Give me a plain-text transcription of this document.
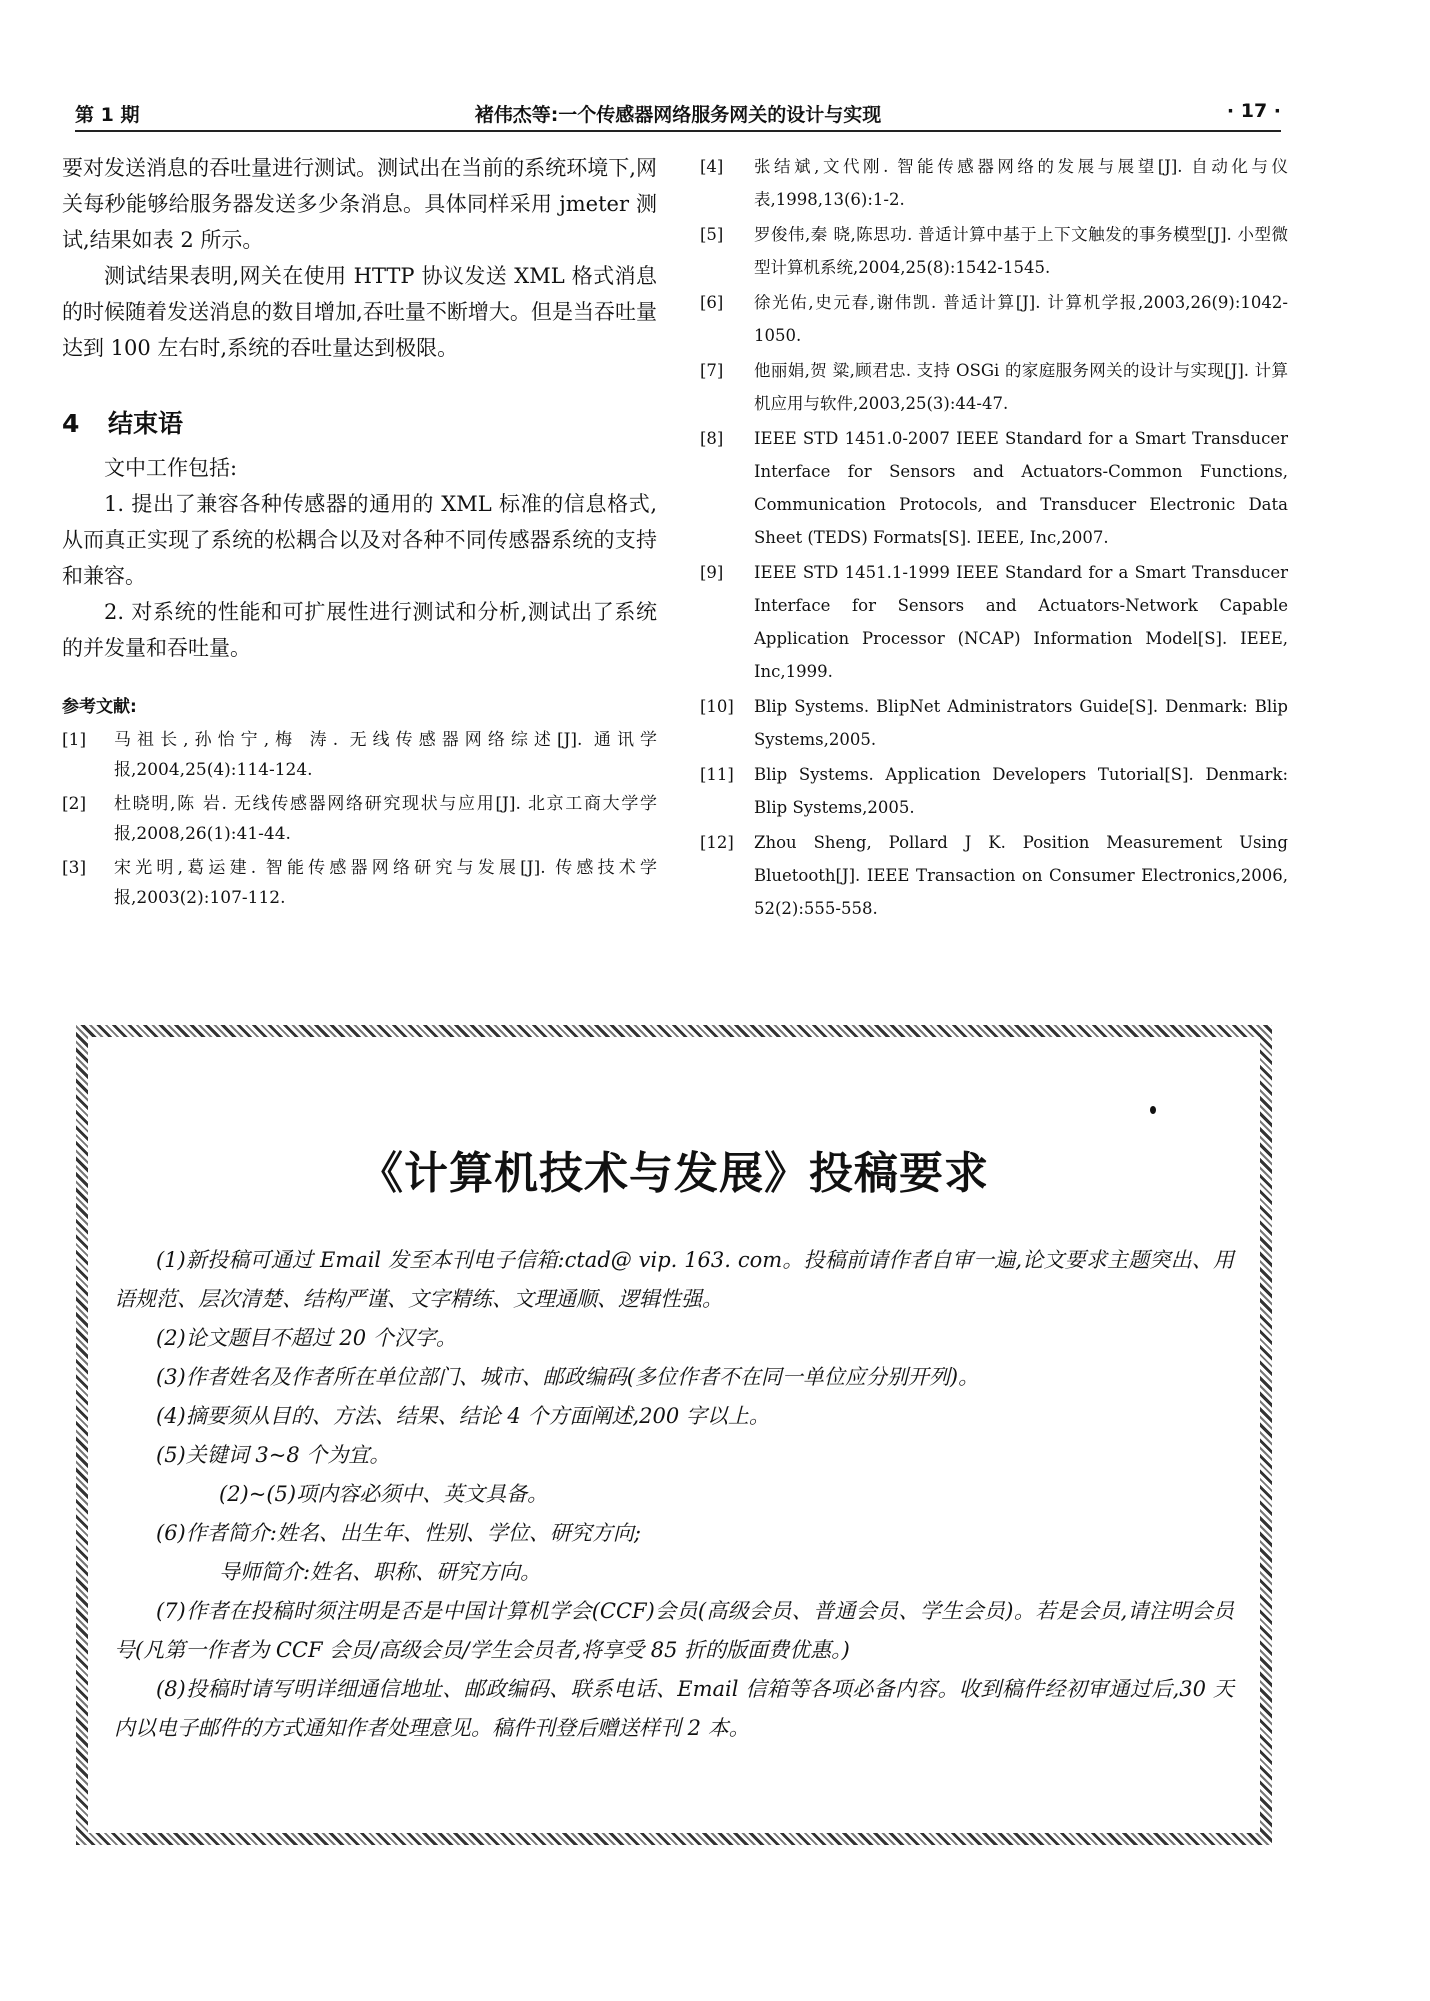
第 1 期	褚伟杰等:一个传感器网络服务网关的设计与实现	· 17 ·

要对发送消息的吞吐量进行测试。测试出在当前的系统环境下,网关每秒能够给服务器发送多少条消息。具体同样采用 jmeter 测试,结果如表 2 所示。

测试结果表明,网关在使用 HTTP 协议发送 XML 格式消息的时候随着发送消息的数目增加,吞吐量不断增大。但是当吞吐量达到 100 左右时,系统的吞吐量达到极限。

4 结束语

文中工作包括:

1. 提出了兼容各种传感器的通用的 XML 标准的信息格式,从而真正实现了系统的松耦合以及对各种不同传感器系统的支持和兼容。

2. 对系统的性能和可扩展性进行测试和分析,测试出了系统的并发量和吞吐量。

参考文献:
[1]	马祖长,孙怡宁,梅 涛. 无线传感器网络综述[J]. 通讯学报,2004,25(4):114-124.
[2]	杜晓明,陈 岩. 无线传感器网络研究现状与应用[J]. 北京工商大学学报,2008,26(1):41-44.
[3]	宋光明,葛运建. 智能传感器网络研究与发展[J]. 传感技术学报,2003(2):107-112.
[4]	张结斌,文代刚. 智能传感器网络的发展与展望[J]. 自动化与仪表,1998,13(6):1-2.
[5]	罗俊伟,秦 晓,陈思功. 普适计算中基于上下文触发的事务模型[J]. 小型微型计算机系统,2004,25(8):1542-1545.
[6]	徐光佑,史元春,谢伟凯. 普适计算[J]. 计算机学报,2003,26(9):1042-1050.
[7]	他丽娟,贺 粱,顾君忠. 支持 OSGi 的家庭服务网关的设计与实现[J]. 计算机应用与软件,2003,25(3):44-47.
[8]	IEEE STD 1451.0-2007 IEEE Standard for a Smart Transducer Interface for Sensors and Actuators-Common Functions, Communication Protocols, and Transducer Electronic Data Sheet (TEDS) Formats[S]. IEEE, Inc,2007.
[9]	IEEE STD 1451.1-1999 IEEE Standard for a Smart Transducer Interface for Sensors and Actuators-Network Capable Application Processor (NCAP) Information Model[S]. IEEE, Inc,1999.
[10]	Blip Systems. BlipNet Administrators Guide[S]. Denmark: Blip Systems,2005.
[11]	Blip Systems. Application Developers Tutorial[S]. Denmark: Blip Systems,2005.
[12]	Zhou Sheng, Pollard J K. Position Measurement Using Bluetooth[J]. IEEE Transaction on Consumer Electronics,2006, 52(2):555-558.
《计算机技术与发展》投稿要求

(1)新投稿可通过 Email 发至本刊电子信箱:ctad@ vip. 163. com。投稿前请作者自审一遍,论文要求主题突出、用语规范、层次清楚、结构严谨、文字精练、文理通顺、逻辑性强。

(2)论文题目不超过 20 个汉字。

(3)作者姓名及作者所在单位部门、城市、邮政编码(多位作者不在同一单位应分别开列)。

(4)摘要须从目的、方法、结果、结论 4 个方面阐述,200 字以上。

(5)关键词 3~8 个为宜。

(2)~(5)项内容必须中、英文具备。

(6)作者简介:姓名、出生年、性别、学位、研究方向;

导师简介:姓名、职称、研究方向。

(7)作者在投稿时须注明是否是中国计算机学会(CCF)会员(高级会员、普通会员、学生会员)。若是会员,请注明会员号(凡第一作者为 CCF 会员/高级会员/学生会员者,将享受 85 折的版面费优惠。)

(8)投稿时请写明详细通信地址、邮政编码、联系电话、Email 信箱等各项必备内容。收到稿件经初审通过后,30 天内以电子邮件的方式通知作者处理意见。稿件刊登后赠送样刊 2 本。
